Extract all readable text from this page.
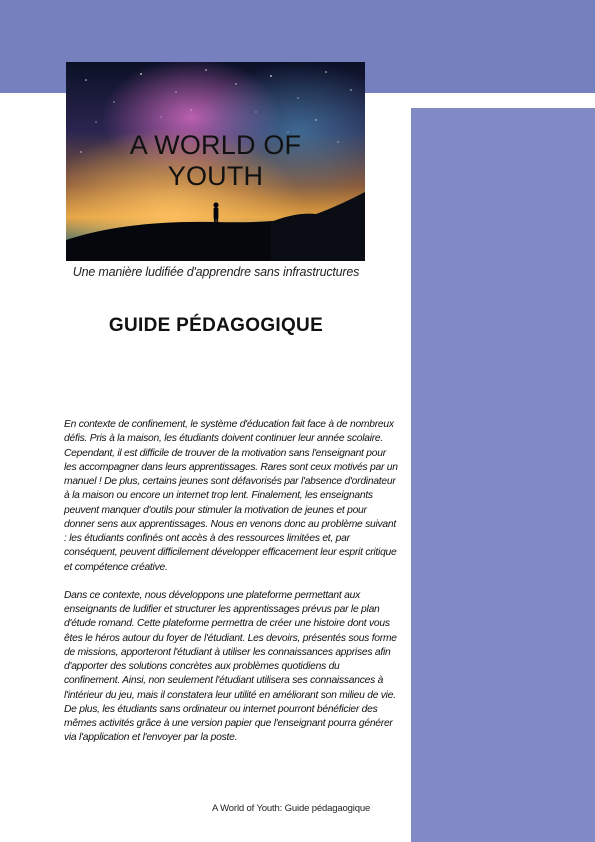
A WORLD OF
YOUTH
Une manière ludifiée d'apprendre sans infrastructures
GUIDE PÉDAGOGIQUE

En contexte de confinement, le système d'éducation fait face à de nombreux défis. Pris à la maison, les étudiants doivent continuer leur année scolaire. Cependant, il est difficile de trouver de la motivation sans l'enseignant pour les accompagner dans leurs apprentissages. Rares sont ceux motivés par un manuel ! De plus, certains jeunes sont défavorisés par l'absence d'ordinateur à la maison ou encore un internet trop lent. Finalement, les enseignants peuvent manquer d'outils pour stimuler la motivation de jeunes et pour donner sens aux apprentissages. Nous en venons donc au problème suivant : les étudiants confinés ont accès à des ressources limitées et, par conséquent, peuvent difficilement développer efficacement leur esprit critique et compétence créative.

Dans ce contexte, nous développons une plateforme permettant aux enseignants de ludifier et structurer les apprentissages prévus par le plan d'étude romand. Cette plateforme permettra de créer une histoire dont vous êtes le héros autour du foyer de l'étudiant. Les devoirs, présentés sous forme de missions, apporteront l'étudiant à utiliser les connaissances apprises afin d'apporter des solutions concrètes aux problèmes quotidiens du confinement. Ainsi, non seulement l'étudiant utilisera ses connaissances à l'intérieur du jeu, mais il constatera leur utilité en améliorant son milieu de vie. De plus, les étudiants sans ordinateur ou internet pourront bénéficier des mêmes activités grâce à une version papier que l'enseignant pourra générer via l'application et l'envoyer par la poste.

A World of Youth: Guide pédagaogique
